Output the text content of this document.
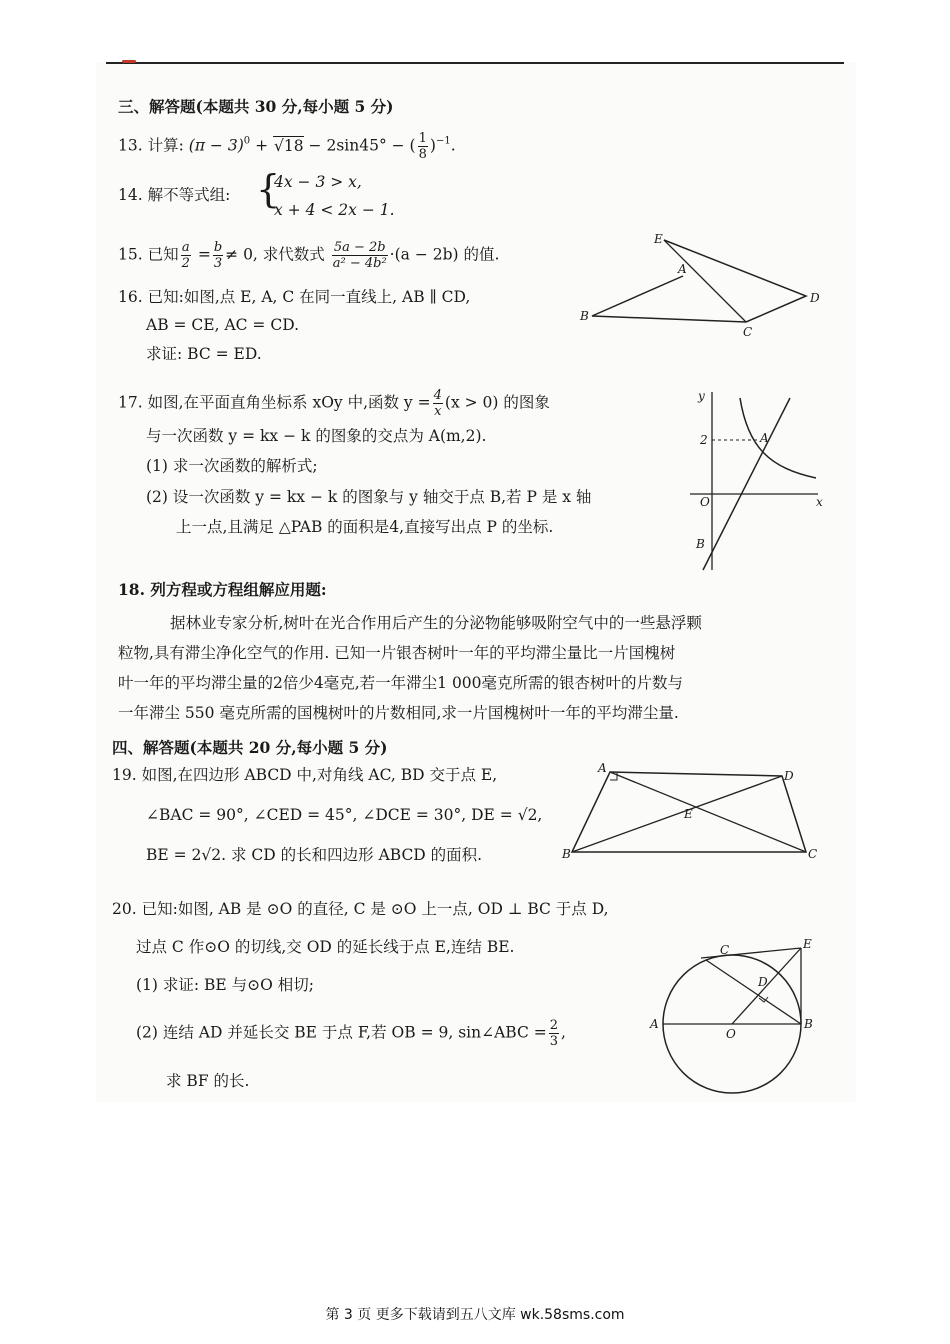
三、解答题(本题共 30 分,每小题 5 分)
13. 计算: $(\pi - 3)^0 + √18 - 2\sin 45^\circ$ − ( $\frac{1}{8} )^{-1}$.
14. 解不等式组: {
4x − 3 > x,
x + 4 < 2x − 1.
15. 已知 $\frac{a}{2} = \frac{b}{3} \ne 0$, 求代数式 $\frac{5a - 2b}{\text{a² − 4b²}} \cdot(a - 2b)$ 的值.
16. 已知:如图,点 E, A, C 在同一直线上, AB ∥ CD,
AB = CE, AC = CD.
求证: BC = ED.
E
A
D
B
C
17. 如图,在平面直角坐标系 xOy 中,函数 $y = \frac{4}{x} (x > 0)$ 的图象
与一次函数 y = kx − k 的图象的交点为 A(m,2).
(1) 求一次函数的解析式;
(2) 设一次函数 y = kx − k 的图象与 y 轴交于点 B,若 P 是 x 轴
上一点,且满足 △PAB 的面积是4,直接写出点 P 的坐标.
y
2	A
O	x
B
18. 列方程或方程组解应用题:
据林业专家分析,树叶在光合作用后产生的分泌物能够吸附空气中的一些悬浮颗
粒物,具有滞尘净化空气的作用. 已知一片银杏树叶一年的平均滞尘量比一片国槐树
叶一年的平均滞尘量的2倍少4毫克,若一年滞尘1 000毫克所需的银杏树叶的片数与
一年滞尘 550 毫克所需的国槐树叶的片数相同,求一片国槐树叶一年的平均滞尘量.
四、解答题(本题共 20 分,每小题 5 分)
19. 如图,在四边形 ABCD 中,对角线 AC, BD 交于点 E,
∠BAC = 90°, ∠CED = 45°, ∠DCE = 30°, DE = √2,
BE = 2√2. 求 CD 的长和四边形 ABCD 的面积.
A
D
E
B	C
20. 已知:如图, AB 是 ⊙O 的直径, C 是 ⊙O 上一点, OD ⊥ BC 于点 D,
过点 C 作⊙O 的切线,交 OD 的延长线于点 E,连结 BE.
(1) 求证: BE 与⊙O 相切;
(2) 连结 AD 并延长交 BE 于点 F,若 OB = 9, sin∠ABC = $\frac{2}{3}$ ,
求 BF 的长.
C	E
D
A
O
B
第 3 页 更多下载请到五八文库 wk.58sms.com
